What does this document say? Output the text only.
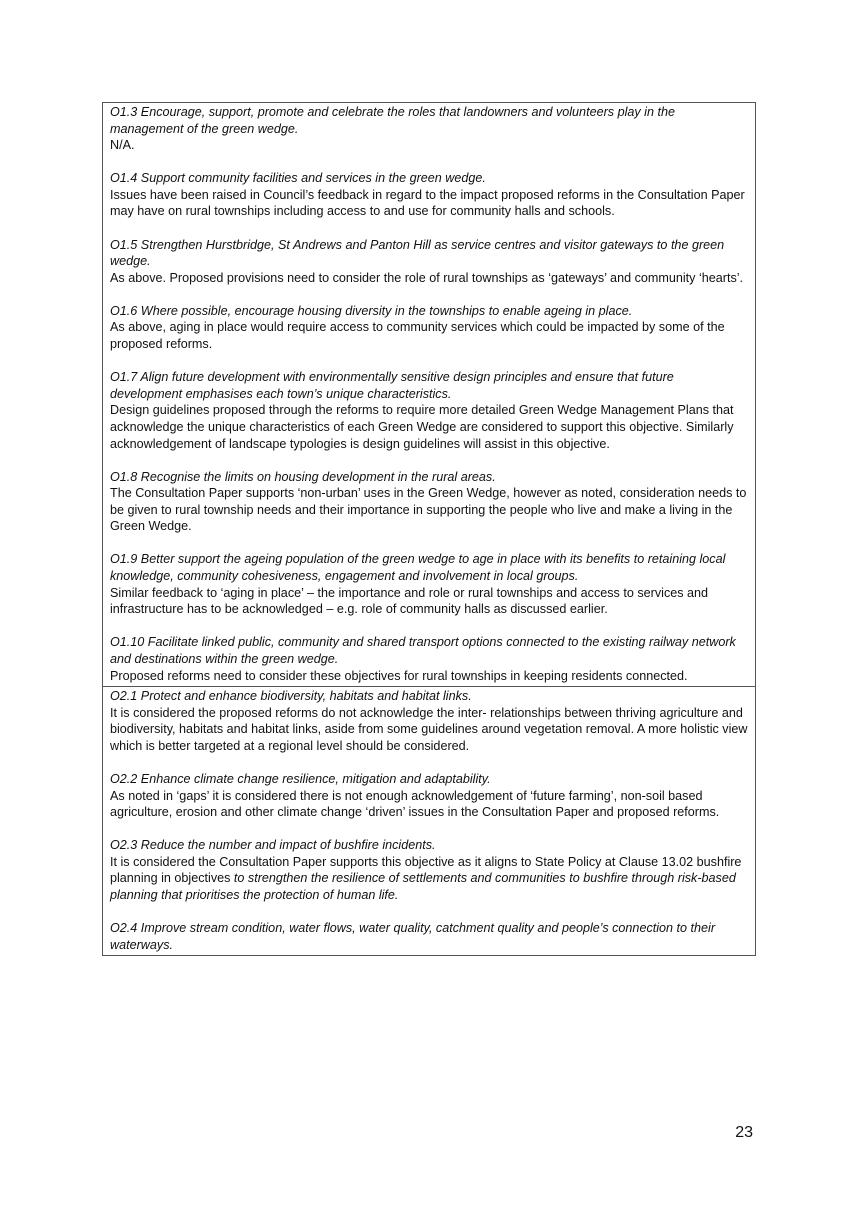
O1.3 Encourage, support, promote and celebrate the roles that landowners and volunteers play in the management of the green wedge.

N/A.

O1.4 Support community facilities and services in the green wedge.

Issues have been raised in Council’s feedback in regard to the impact proposed reforms in the Consultation Paper may have on rural townships including access to and use for community halls and schools.

O1.5 Strengthen Hurstbridge, St Andrews and Panton Hill as service centres and visitor gateways to the green wedge.

As above. Proposed provisions need to consider the role of rural townships as ‘gateways’ and community ‘hearts’.

O1.6 Where possible, encourage housing diversity in the townships to enable ageing in place.

As above, aging in place would require access to community services which could be impacted by some of the proposed reforms.

O1.7 Align future development with environmentally sensitive design principles and ensure that future development emphasises each town’s unique characteristics.

Design guidelines proposed through the reforms to require more detailed Green Wedge Management Plans that acknowledge the unique characteristics of each Green Wedge are considered to support this objective. Similarly acknowledgement of landscape typologies is design guidelines will assist in this objective.

O1.8 Recognise the limits on housing development in the rural areas.

The Consultation Paper supports ‘non-urban’ uses in the Green Wedge, however as noted, consideration needs to be given to rural township needs and their importance in supporting the people who live and make a living in the Green Wedge.

O1.9 Better support the ageing population of the green wedge to age in place with its benefits to retaining local knowledge, community cohesiveness, engagement and involvement in local groups.

Similar feedback to ‘aging in place’ – the importance and role or rural townships and access to services and infrastructure has to be acknowledged – e.g. role of community halls as discussed earlier.

O1.10 Facilitate linked public, community and shared transport options connected to the existing railway network and destinations within the green wedge.

Proposed reforms need to consider these objectives for rural townships in keeping residents connected.

O2.1 Protect and enhance biodiversity, habitats and habitat links.

It is considered the proposed reforms do not acknowledge the inter- relationships between thriving agriculture and biodiversity, habitats and habitat links, aside from some guidelines around vegetation removal. A more holistic view which is better targeted at a regional level should be considered.

O2.2 Enhance climate change resilience, mitigation and adaptability.

As noted in ‘gaps’ it is considered there is not enough acknowledgement of ‘future farming’, non-soil based agriculture, erosion and other climate change ‘driven’ issues in the Consultation Paper and proposed reforms.

O2.3 Reduce the number and impact of bushfire incidents.

It is considered the Consultation Paper supports this objective as it aligns to State Policy at Clause 13.02 bushfire planning in objectives to strengthen the resilience of settlements and communities to bushfire through risk-based planning that prioritises the protection of human life.

O2.4 Improve stream condition, water flows, water quality, catchment quality and people’s connection to their waterways.

23
